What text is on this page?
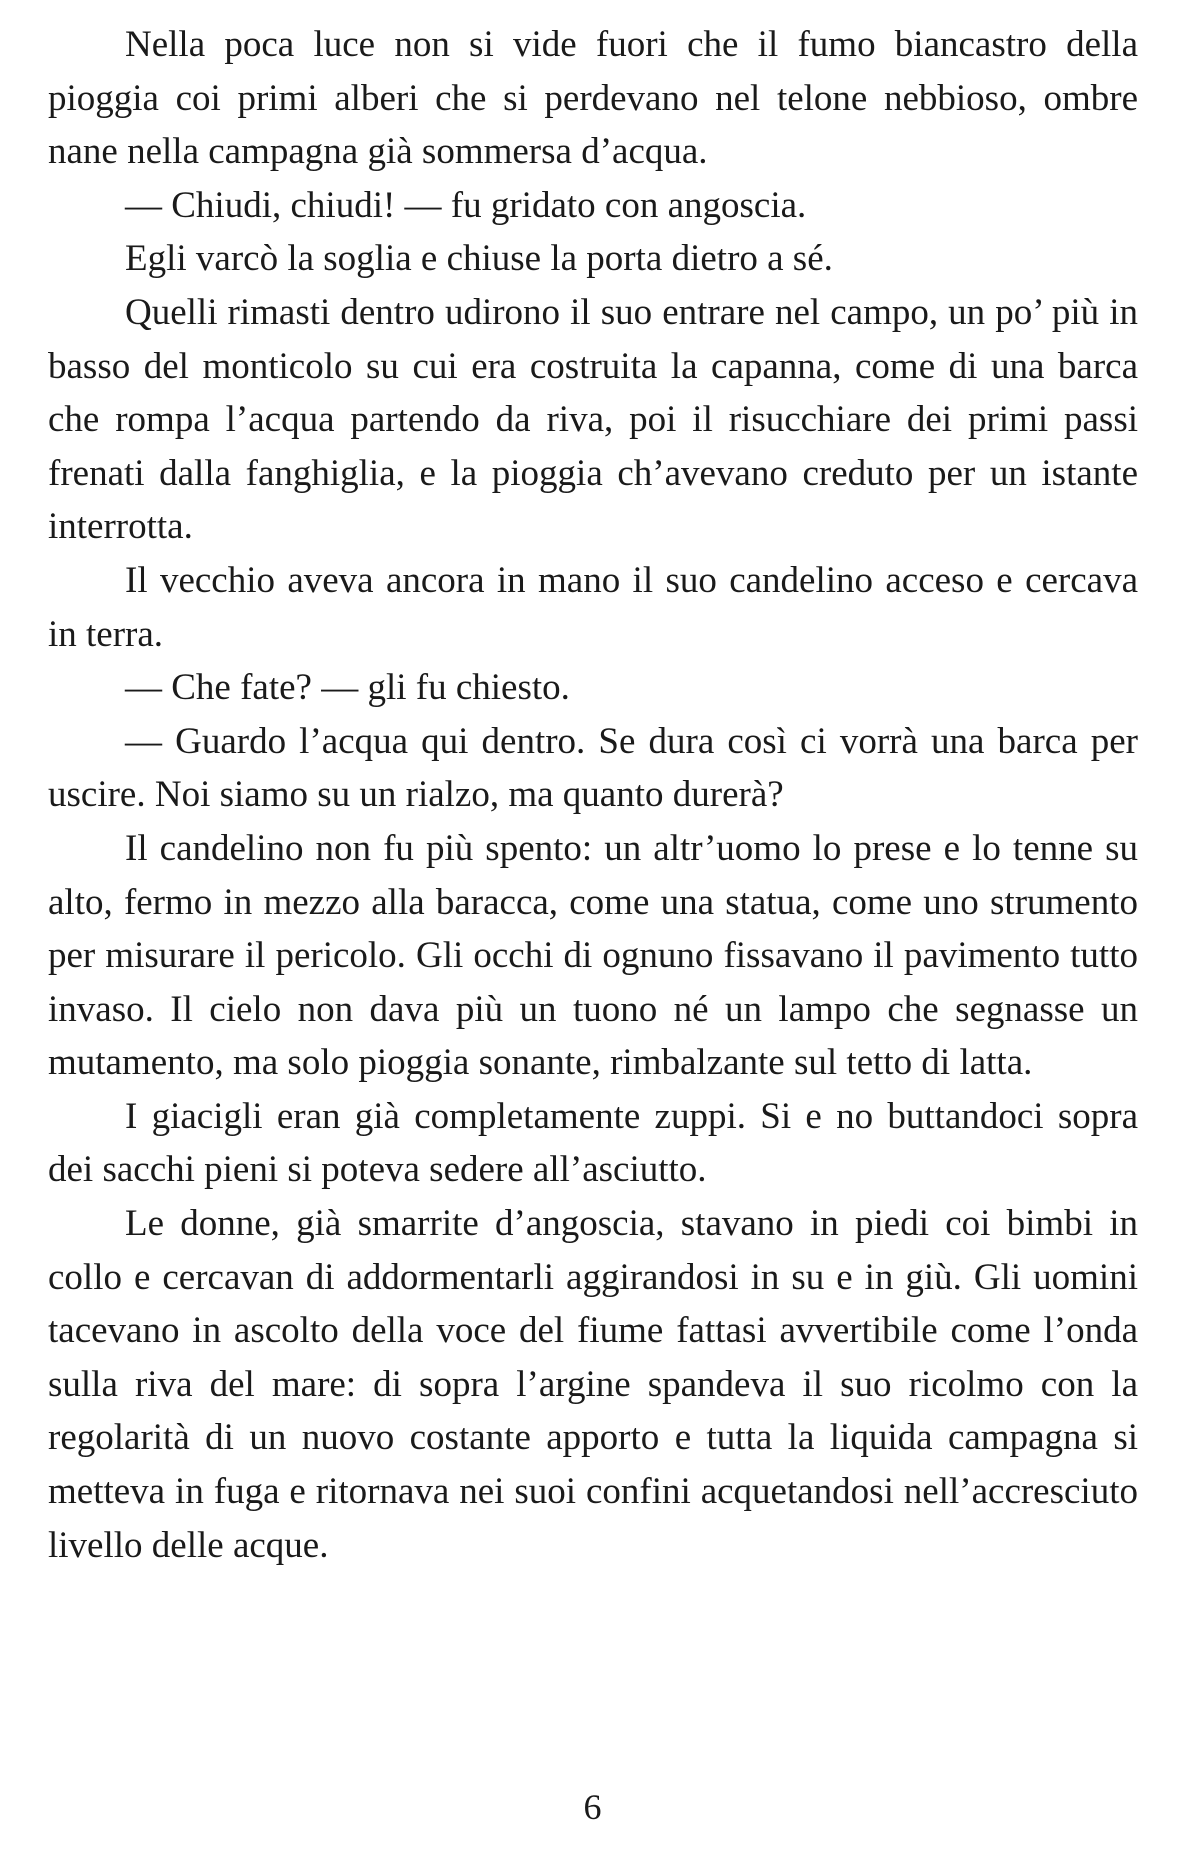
Nella poca luce non si vide fuori che il fumo biancastro della pioggia coi primi alberi che si perdevano nel telone nebbioso, ombre nane nella campagna già sommersa d’acqua.

— Chiudi, chiudi! — fu gridato con angoscia.

Egli varcò la soglia e chiuse la porta dietro a sé.

Quelli rimasti dentro udirono il suo entrare nel campo, un po’ più in basso del monticolo su cui era costruita la capanna, come di una barca che rompa l’acqua partendo da riva, poi il risucchiare dei primi passi frenati dalla fanghiglia, e la pioggia ch’avevano creduto per un istante interrotta.

Il vecchio aveva ancora in mano il suo candelino acceso e cercava in terra.

— Che fate? — gli fu chiesto.

— Guardo l’acqua qui dentro. Se dura così ci vorrà una barca per uscire. Noi siamo su un rialzo, ma quanto durerà?

Il candelino non fu più spento: un altr’uomo lo prese e lo tenne su alto, fermo in mezzo alla baracca, come una statua, come uno strumento per misurare il pericolo. Gli occhi di ognuno fissavano il pavimento tutto invaso. Il cielo non dava più un tuono né un lampo che segnasse un mutamento, ma solo pioggia sonante, rimbalzante sul tetto di latta.

I giacigli eran già completamente zuppi. Si e no buttandoci sopra dei sacchi pieni si poteva sedere all’asciutto.

Le donne, già smarrite d’angoscia, stavano in piedi coi bimbi in collo e cercavan di addormentarli aggirandosi in su e in giù. Gli uomini tacevano in ascolto della voce del fiume fattasi avvertibile come l’onda sulla riva del mare: di sopra l’argine spandeva il suo ricolmo con la regolarità di un nuovo costante apporto e tutta la liquida campagna si metteva in fuga e ritornava nei suoi confini acquetandosi nell’accresciuto livello delle acque.

6
